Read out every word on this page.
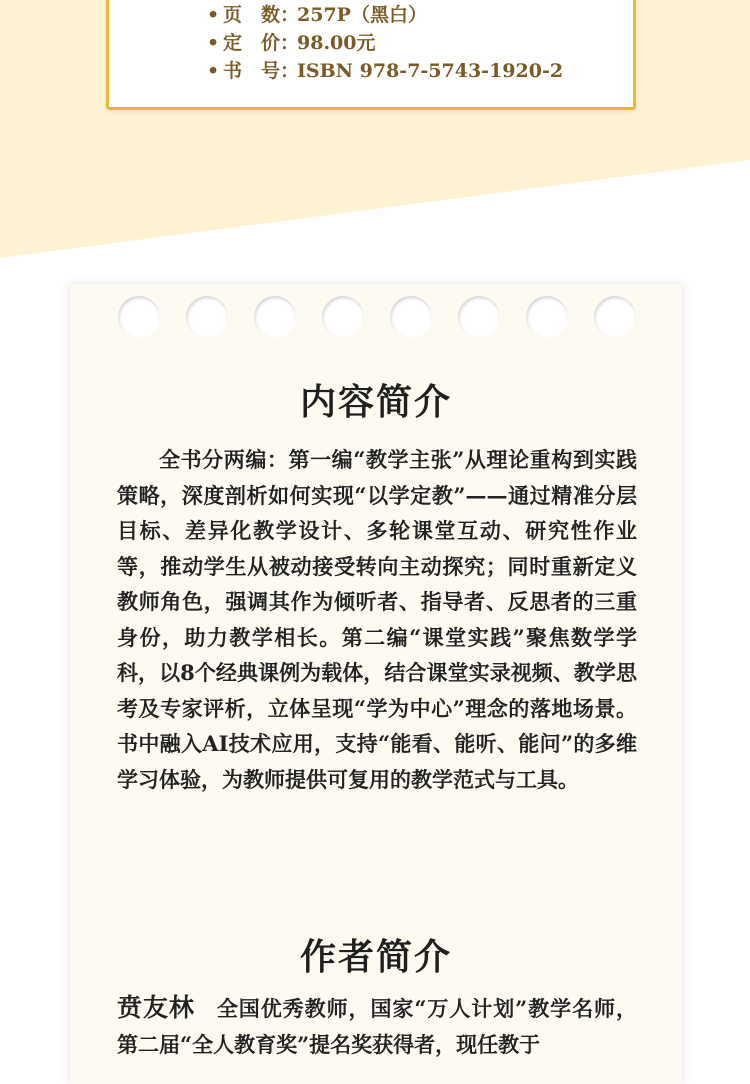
• 页　数：
257P（黑白）
• 定　价：
98.00元
• 书　号：
ISBN 978-7-5743-1920-2
内容简介

全书分两编：第一编“教学主张”从理论重构到实践策略，深度剖析如何实现“以学定教”——通过精准分层目标、差异化教学设计、多轮课堂互动、研究性作业等，推动学生从被动接受转向主动探究；同时重新定义教师角色，强调其作为倾听者、指导者、反思者的三重身份，助力教学相长。第二编“课堂实践”聚焦数学学科，以8个经典课例为载体，结合课堂实录视频、教学思考及专家评析，立体呈现“学为中心”理念的落地场景。书中融入AI技术应用，支持“能看、能听、能问”的多维学习体验，为教师提供可复用的教学范式与工具。

作者简介

贲友林 全国优秀教师，国家“万人计划”教学名师，第二届“全人教育奖”提名奖获得者，现任教于
